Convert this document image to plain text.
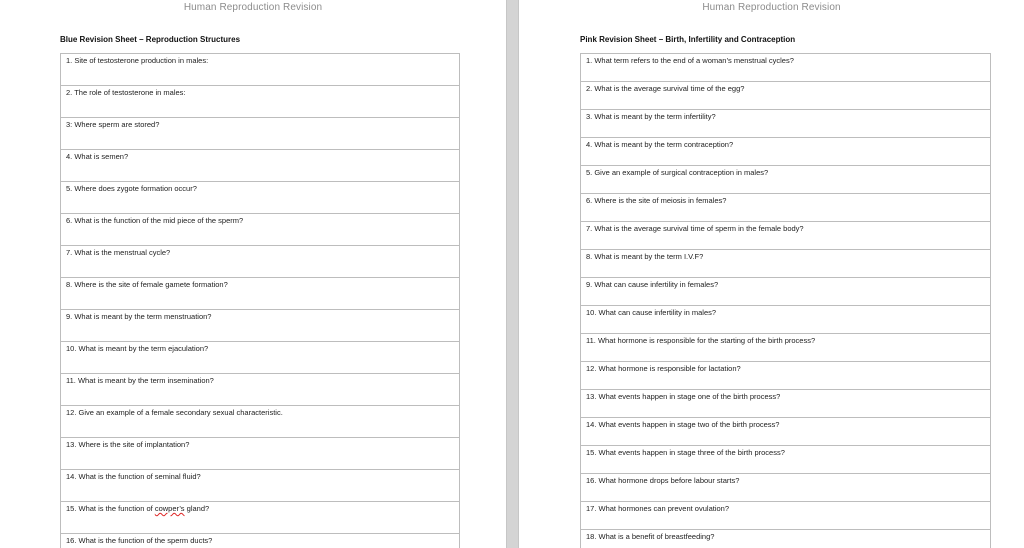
Human Reproduction Revision
Blue Revision Sheet – Reproduction Structures
1. Site of testosterone production in males:
2. The role of testosterone in males:
3: Where sperm are stored?
4. What is semen?
5. Where does zygote formation occur?
6. What is the function of the mid piece of the sperm?
7. What is the menstrual cycle?
8. Where is the site of female gamete formation?
9. What is meant by the term menstruation?
10. What is meant by the term ejaculation?
11. What is meant by the term insemination?
12. Give an example of a female secondary sexual characteristic.
13. Where is the site of implantation?
14. What is the function of seminal fluid?
15. What is the function of cowper’s gland?
16. What is the function of the sperm ducts?
Human Reproduction Revision
Pink Revision Sheet – Birth, Infertility and Contraception
1. What term refers to the end of a woman’s menstrual cycles?
2. What is the average survival time of the egg?
3. What is meant by the term infertility?
4. What is meant by the term contraception?
5. Give an example of surgical contraception in males?
6. Where is the site of meiosis in females?
7. What is the average survival time of sperm in the female body?
8. What is meant by the term I.V.F?
9. What can cause infertility in females?
10. What can cause infertility in males?
11. What hormone is responsible for the starting of the birth process?
12. What hormone is responsible for lactation?
13. What events happen in stage one of the birth process?
14. What events happen in stage two of the birth process?
15. What events happen in stage three of the birth process?
16. What hormone drops before labour starts?
17. What hormones can prevent ovulation?
18. What is a benefit of breastfeeding?
